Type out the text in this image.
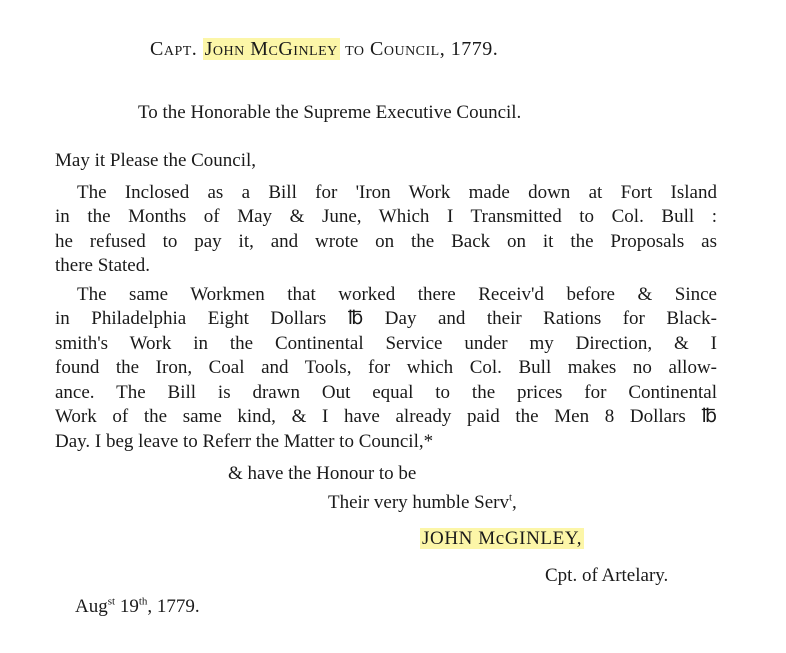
Capt. John McGinley to Council, 1779.
To the Honorable the Supreme Executive Council.
May it Please the Council,
The Inclosed as a Bill for 'Iron Work made down at Fort Island
in the Months of May & June, Which I Transmitted to Col. Bull :
he refused to pay it, and wrote on the Back on it the Proposals as
there Stated.
The same Workmen that worked there Receiv'd before & Since
in Philadelphia Eight Dollars ℔ Day and their Rations for Black-
smith's Work in the Continental Service under my Direction, & I
found the Iron, Coal and Tools, for which Col. Bull makes no allow-
ance. The Bill is drawn Out equal to the prices for Continental
Work of the same kind, & I have already paid the Men 8 Dollars ℔
Day. I beg leave to Referr the Matter to Council,*
& have the Honour to be
Their very humble Serv$^t$,
JOHN McGINLEY,
Cpt. of Artelary.
Aug$^{st}$ 19th, 1779.
